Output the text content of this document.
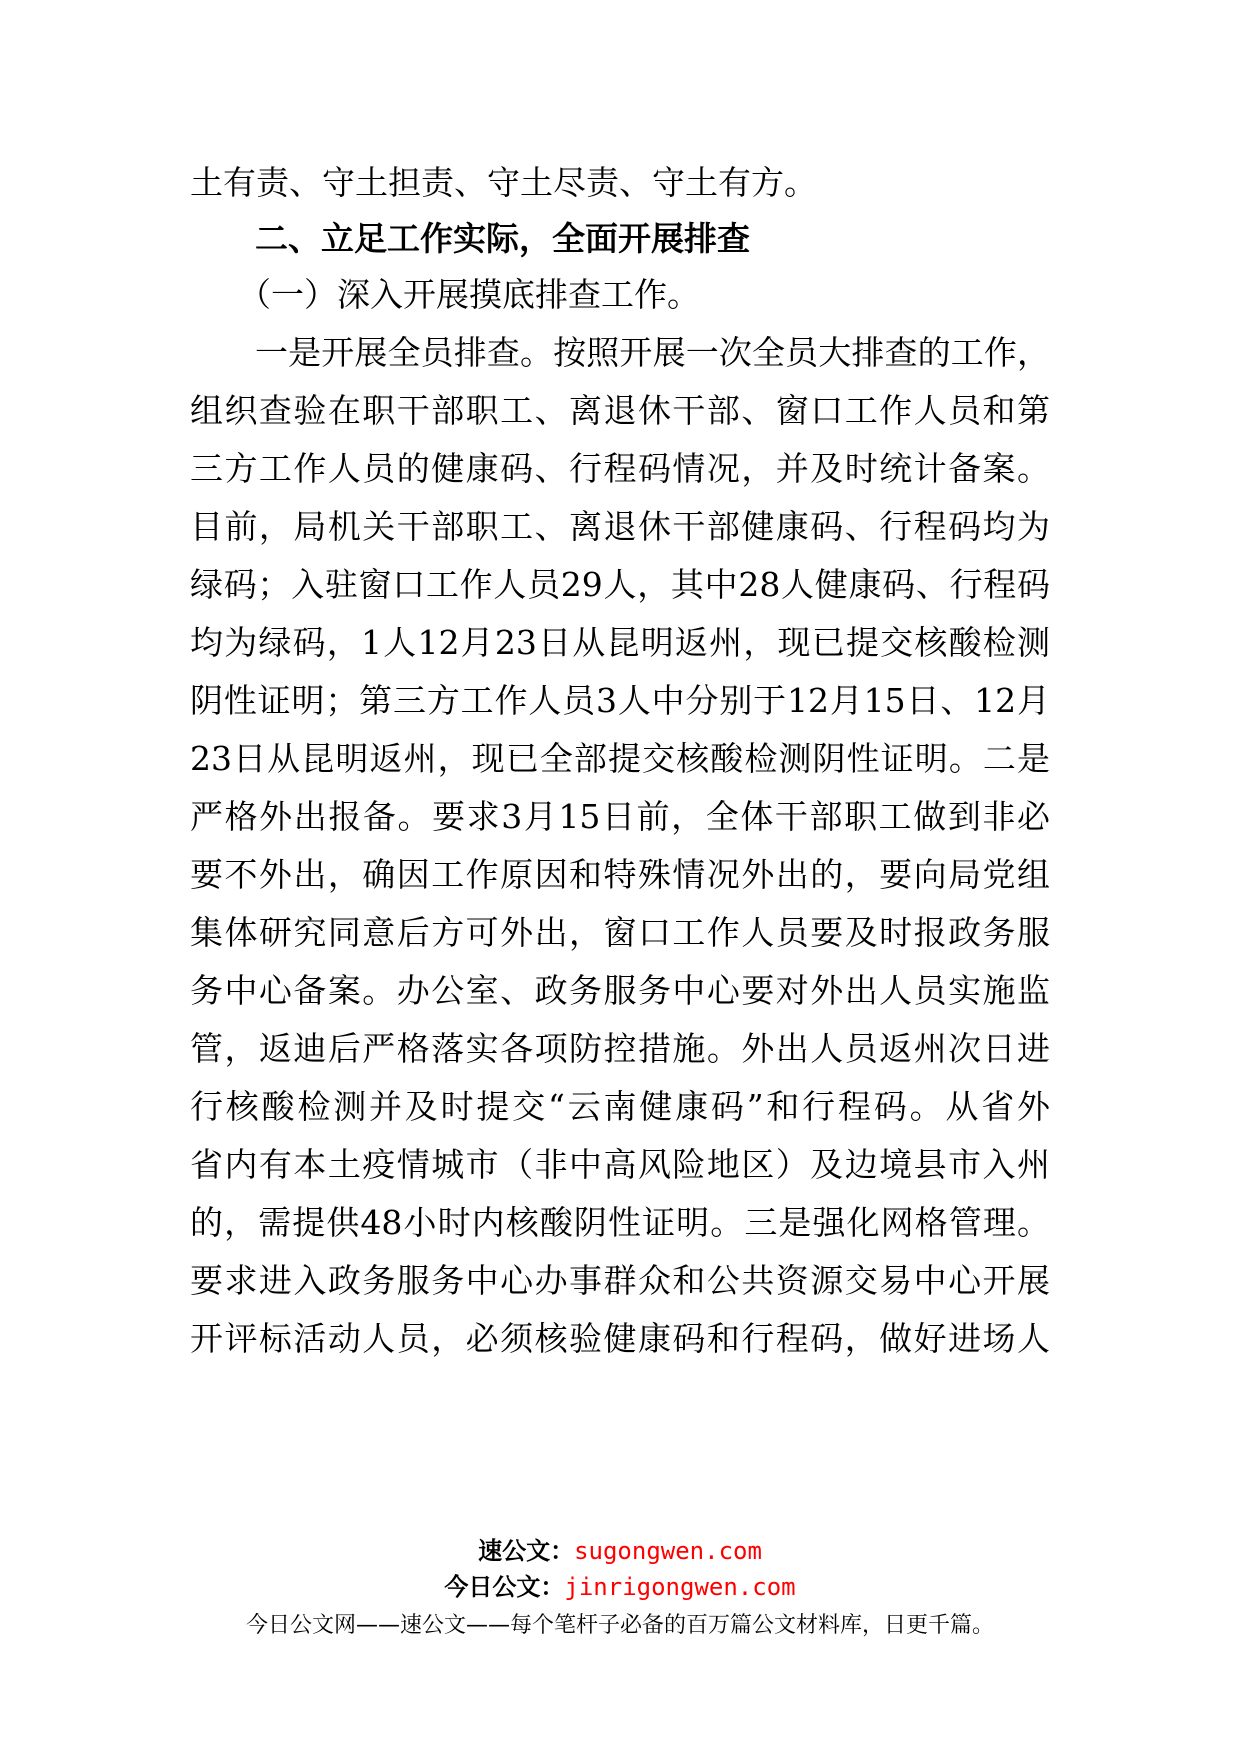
土有责、守土担责、守土尽责、守土有方。
二、立足工作实际，全面开展排查
（一）深入开展摸底排查工作。
一是开展全员排查。按照开展一次全员大排查的工作，
组织查验在职干部职工、离退休干部、窗口工作人员和第
三方工作人员的健康码、行程码情况，并及时统计备案。
目前，局机关干部职工、离退休干部健康码、行程码均为
绿码；入驻窗口工作人员29人，其中28人健康码、行程码
均为绿码，1人12月23日从昆明返州，现已提交核酸检测
阴性证明；第三方工作人员3人中分别于12月15日、12月
23日从昆明返州，现已全部提交核酸检测阴性证明。二是
严格外出报备。要求3月15日前，全体干部职工做到非必
要不外出，确因工作原因和特殊情况外出的，要向局党组
集体研究同意后方可外出，窗口工作人员要及时报政务服
务中心备案。办公室、政务服务中心要对外出人员实施监
管，返迪后严格落实各项防控措施。外出人员返州次日进
行核酸检测并及时提交“云南健康码”和行程码。从省外
省内有本土疫情城市（非中高风险地区）及边境县市入州
的，需提供48小时内核酸阴性证明。三是强化网格管理。
要求进入政务服务中心办事群众和公共资源交易中心开展
开评标活动人员，必须核验健康码和行程码，做好进场人
速公文：sugongwen.com
今日公文：jinrigongwen.com
今日公文网——速公文——每个笔杆子必备的百万篇公文材料库，日更千篇。
